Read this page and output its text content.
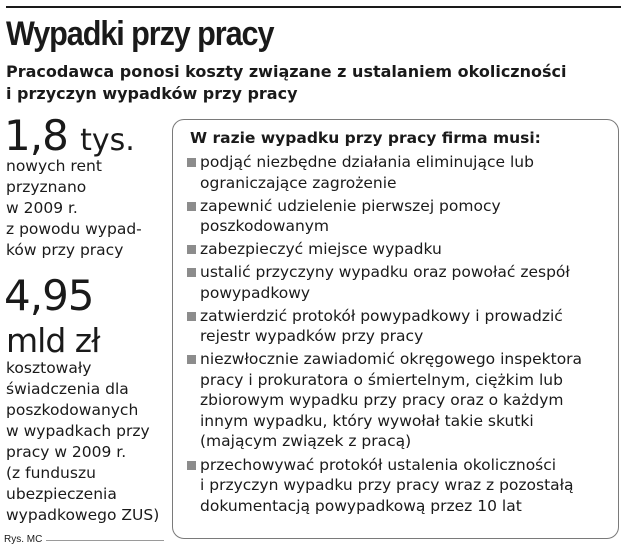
Wypadki przy pracy
Pracodawca ponosi koszty związane z ustalaniem okoliczności
i przyczyn wypadków przy pracy
1,8 tys.
nowych rent
przyznano
w 2009 r.
z powodu wypad-
ków przy pracy
4,95
mld zł
kosztowały
świadczenia dla
poszkodowanych
w wypadkach przy
pracy w 2009 r.
(z funduszu
ubezpieczenia
wypadkowego ZUS)
W razie wypadku przy pracy firma musi:
podjąć niezbędne działania eliminujące lub
ograniczające zagrożenie
zapewnić udzielenie pierwszej pomocy
poszkodowanym
zabezpieczyć miejsce wypadku
ustalić przyczyny wypadku oraz powołać zespół
powypadkowy
zatwierdzić protokół powypadkowy i prowadzić
rejestr wypadków przy pracy
niezwłocznie zawiadomić okręgowego inspektora
pracy i prokuratora o śmiertelnym, ciężkim lub
zbiorowym wypadku przy pracy oraz o każdym
innym wypadku, który wywołał takie skutki
(mającym związek z pracą)
przechowywać protokół ustalenia okoliczności
i przyczyn wypadku przy pracy wraz z pozostałą
dokumentacją powypadkową przez 10 lat
Rys. MC
